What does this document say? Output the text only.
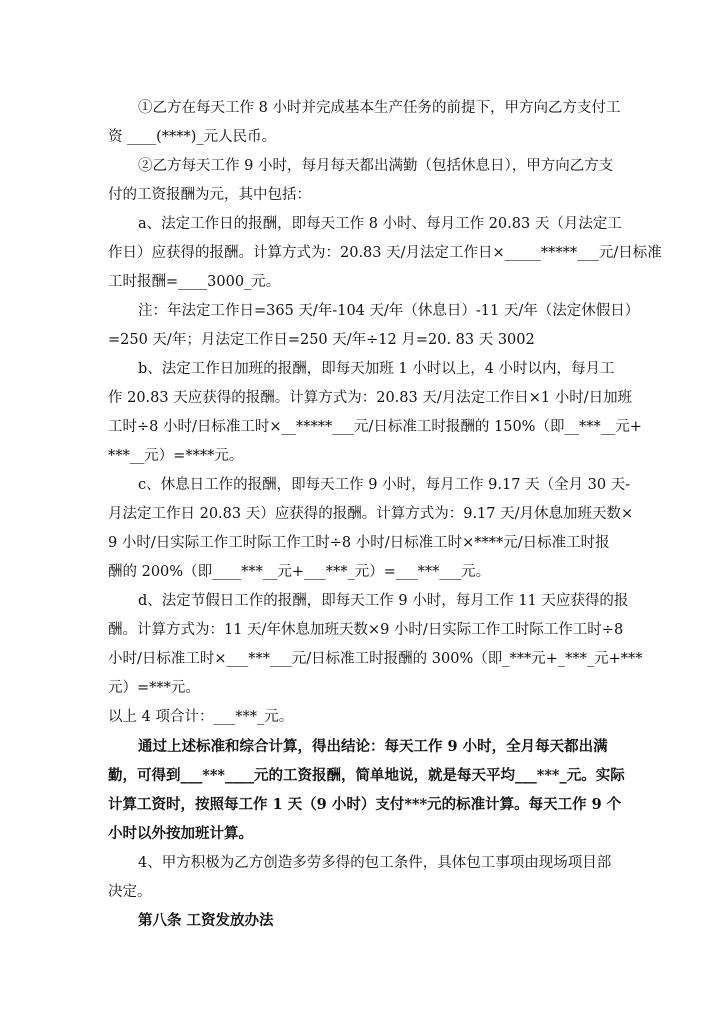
①乙方在每天工作 8 小时并完成基本生产任务的前提下，甲方向乙方支付工
资 ____(****)_元人民币。
②乙方每天工作 9 小时，每月每天都出满勤（包括休息日），甲方向乙方支
付的工资报酬为元，其中包括：
a、法定工作日的报酬，即每天工作 8 小时、每月工作 20.83 天（月法定工
作日）应获得的报酬。计算方式为：20.83 天/月法定工作日×_____*****___元/日标准
工时报酬=____3000_元。
注：年法定工作日=365 天/年-104 天/年（休息日）-11 天/年（法定休假日）
=250 天/年；月法定工作日=250 天/年÷12 月=20. 83 天 3002
b、法定工作日加班的报酬，即每天加班 1 小时以上，4 小时以内，每月工
作 20.83 天应获得的报酬。计算方式为：20.83 天/月法定工作日×1 小时/日加班
工时÷8 小时/日标准工时×__*****___元/日标准工时报酬的 150%（即__***__元+
***__元）=****元。
c、休息日工作的报酬，即每天工作 9 小时，每月工作 9.17 天（全月 30 天-
月法定工作日 20.83 天）应获得的报酬。计算方式为：9.17 天/月休息加班天数×
9 小时/日实际工作工时际工作工时÷8 小时/日标准工时×****元/日标准工时报
酬的 200%（即____***__元+___***_元）=___***___元。
d、法定节假日工作的报酬，即每天工作 9 小时，每月工作 11 天应获得的报
酬。计算方式为：11 天/年休息加班天数×9 小时/日实际工作工时际工作工时÷8
小时/日标准工时×___***___元/日标准工时报酬的 300%（即_***元+_***_元+***
元）=***元。
以上 4 项合计：___***_元。
通过上述标准和综合计算，得出结论：每天工作 9 小时，全月每天都出满
勤，可得到___***____元的工资报酬，简单地说，就是每天平均___***_元。实际
计算工资时，按照每工作 1 天（9 小时）支付***元的标准计算。每天工作 9 个
小时以外按加班计算。
4、甲方积极为乙方创造多劳多得的包工条件，具体包工事项由现场项目部
决定。
第八条 工资发放办法
